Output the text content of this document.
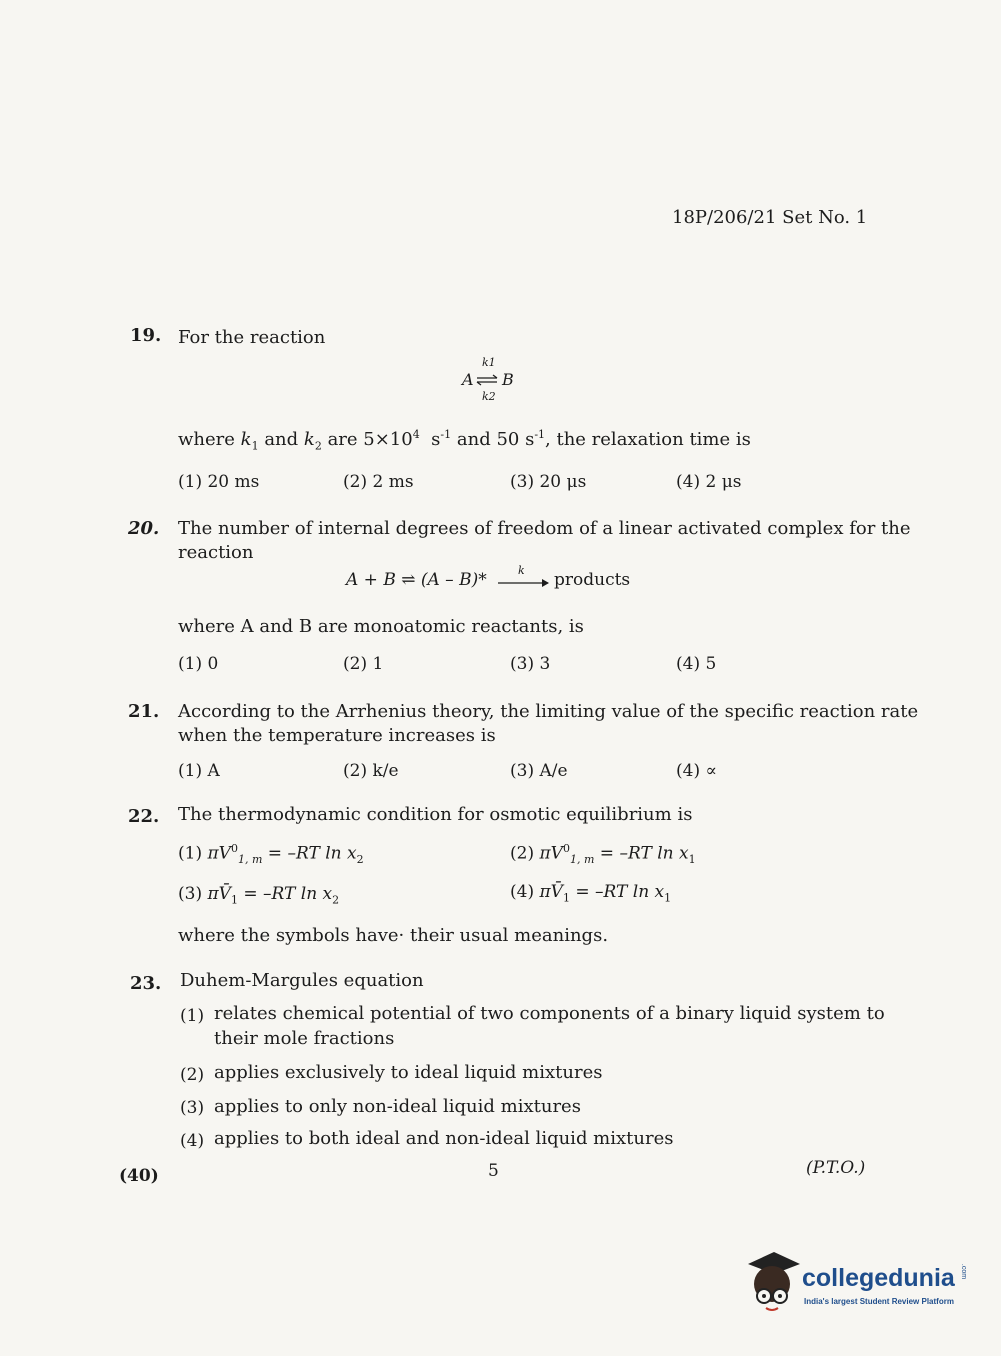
18P/206/21 Set No. 1
19. For the reaction
k1
A ⇌ B
k2
where $k_1$ and $k_2$ are $5\times 10^4$ $s^{-1}$ and 50 $s^{-1}$, the relaxation time is
(1) 20 ms	(2) 2 ms	(3) 20 μs	(4) 2 μs
20. The number of internal degrees of freedom of a linear activated complex for the
reaction
A + B ⇌ (A – B)*	k products
where A and B are monoatomic reactants, is
(1) 0	(2) 1	(3) 3	(4) 5
21. According to the Arrhenius theory, the limiting value of the specific reaction rate
when the temperature increases is
(1) A	(2) k/e	(3) A/e	(4) ∝
22. The thermodynamic condition for osmotic equilibrium is
(1) $\pi V^0_{1, m} = -RT$ $\ln x_2$	(2) $\pi V^0_{1, m} = -RT$ $\ln x_1$
(3) $\pi V̄_1 = -RT$ $\ln x_2$	(4) $\pi V̄_1 = -RT$ $\ln x_1$
where the symbols have· their usual meanings.
23. Duhem-Margules equation
(1) relates chemical potential of two components of a binary liquid system to
their mole fractions
(2) applies exclusively to ideal liquid mixtures
(3) applies to only non-ideal liquid mixtures
(4) applies to both ideal and non-ideal liquid mixtures
(40)	5	(P.T.O.)
collegedunia .com
India's largest Student Review Platform
